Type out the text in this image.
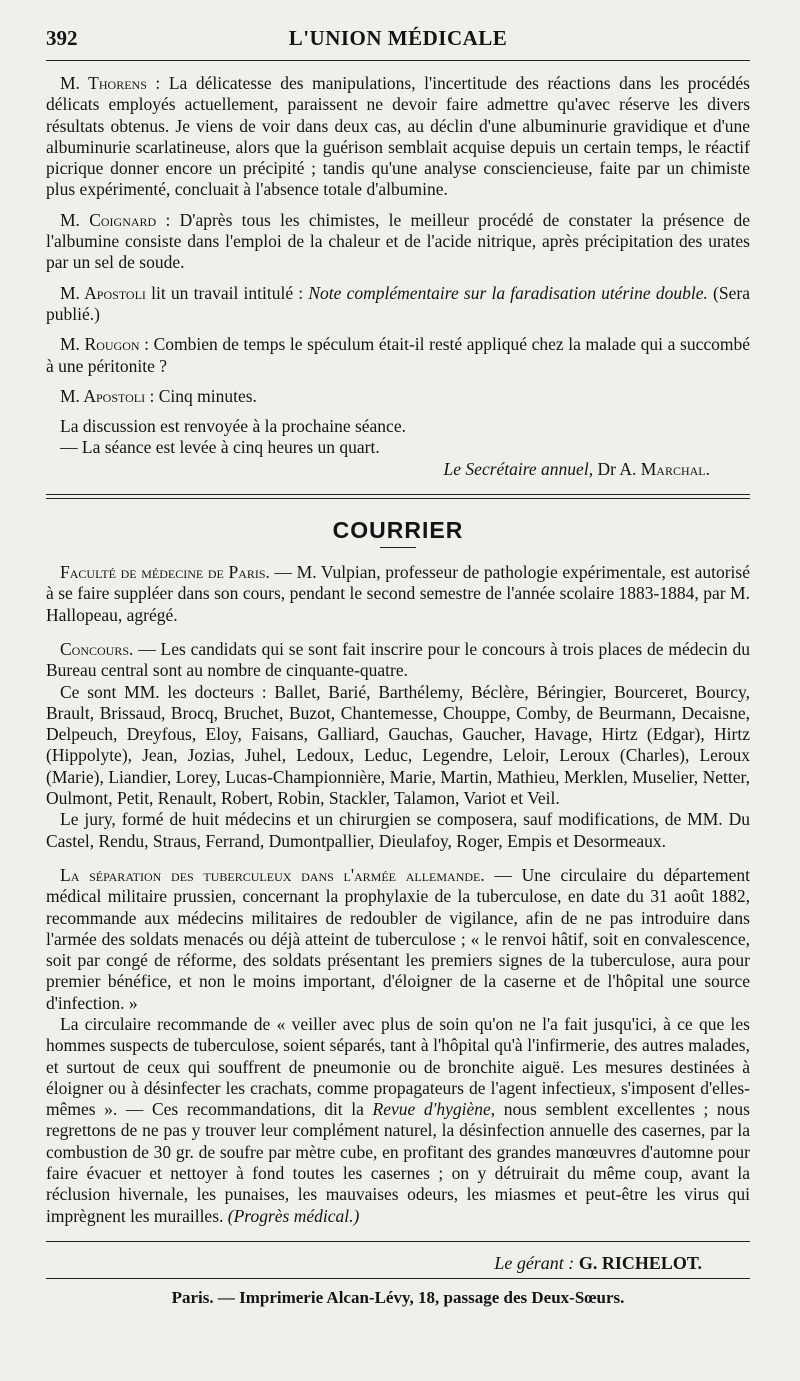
392	L'UNION MÉDICALE

M. Thorens : La délicatesse des manipulations, l'incertitude des réactions dans les procédés délicats employés actuellement, paraissent ne devoir faire admettre qu'avec réserve les divers résultats obtenus. Je viens de voir dans deux cas, au déclin d'une albuminurie gravidique et d'une albuminurie scarlatineuse, alors que la guérison semblait acquise depuis un certain temps, le réactif picrique donner encore un précipité ; tandis qu'une analyse consciencieuse, faite par un chimiste plus expérimenté, concluait à l'absence totale d'albumine.

M. Coignard : D'après tous les chimistes, le meilleur procédé de constater la présence de l'albumine consiste dans l'emploi de la chaleur et de l'acide nitrique, après précipitation des urates par un sel de soude.

M. Apostoli lit un travail intitulé : Note complémentaire sur la faradisation utérine double. (Sera publié.)

M. Rougon : Combien de temps le spéculum était-il resté appliqué chez la malade qui a succombé à une péritonite ?

M. Apostoli : Cinq minutes.

La discussion est renvoyée à la prochaine séance.

— La séance est levée à cinq heures un quart.

Le Secrétaire annuel, Dr A. Marchal.
COURRIER

Faculté de médecine de Paris. — M. Vulpian, professeur de pathologie expérimentale, est autorisé à se faire suppléer dans son cours, pendant le second semestre de l'année scolaire 1883-1884, par M. Hallopeau, agrégé.

Concours. — Les candidats qui se sont fait inscrire pour le concours à trois places de médecin du Bureau central sont au nombre de cinquante-quatre.

Ce sont MM. les docteurs : Ballet, Barié, Barthélemy, Béclère, Béringier, Bourceret, Bourcy, Brault, Brissaud, Brocq, Bruchet, Buzot, Chantemesse, Chouppe, Comby, de Beurmann, Decaisne, Delpeuch, Dreyfous, Eloy, Faisans, Galliard, Gauchas, Gaucher, Havage, Hirtz (Edgar), Hirtz (Hippolyte), Jean, Jozias, Juhel, Ledoux, Leduc, Legendre, Leloir, Leroux (Charles), Leroux (Marie), Liandier, Lorey, Lucas-Championnière, Marie, Martin, Mathieu, Merklen, Muselier, Netter, Oulmont, Petit, Renault, Robert, Robin, Stackler, Talamon, Variot et Veil.

Le jury, formé de huit médecins et un chirurgien se composera, sauf modifications, de MM. Du Castel, Rendu, Straus, Ferrand, Dumontpallier, Dieulafoy, Roger, Empis et Desormeaux.

La séparation des tuberculeux dans l'armée allemande. — Une circulaire du département médical militaire prussien, concernant la prophylaxie de la tuberculose, en date du 31 août 1882, recommande aux médecins militaires de redoubler de vigilance, afin de ne pas introduire dans l'armée des soldats menacés ou déjà atteint de tuberculose ; « le renvoi hâtif, soit en convalescence, soit par congé de réforme, des soldats présentant les premiers signes de la tuberculose, aura pour premier bénéfice, et non le moins important, d'éloigner de la caserne et de l'hôpital une source d'infection. »

La circulaire recommande de « veiller avec plus de soin qu'on ne l'a fait jusqu'ici, à ce que les hommes suspects de tuberculose, soient séparés, tant à l'hôpital qu'à l'infirmerie, des autres malades, et surtout de ceux qui souffrent de pneumonie ou de bronchite aiguë. Les mesures destinées à éloigner ou à désinfecter les crachats, comme propagateurs de l'agent infectieux, s'imposent d'elles-mêmes ». — Ces recommandations, dit la Revue d'hygiène, nous semblent excellentes ; nous regrettons de ne pas y trouver leur complément naturel, la désinfection annuelle des casernes, par la combustion de 30 gr. de soufre par mètre cube, en profitant des grandes manœuvres d'automne pour faire évacuer et nettoyer à fond toutes les casernes ; on y détruirait du même coup, avant la réclusion hivernale, les punaises, les mauvaises odeurs, les miasmes et peut-être les virus qui imprègnent les murailles. (Progrès médical.)

Le gérant : G. RICHELOT.
Paris. — Imprimerie Alcan-Lévy, 18, passage des Deux-Sœurs.
